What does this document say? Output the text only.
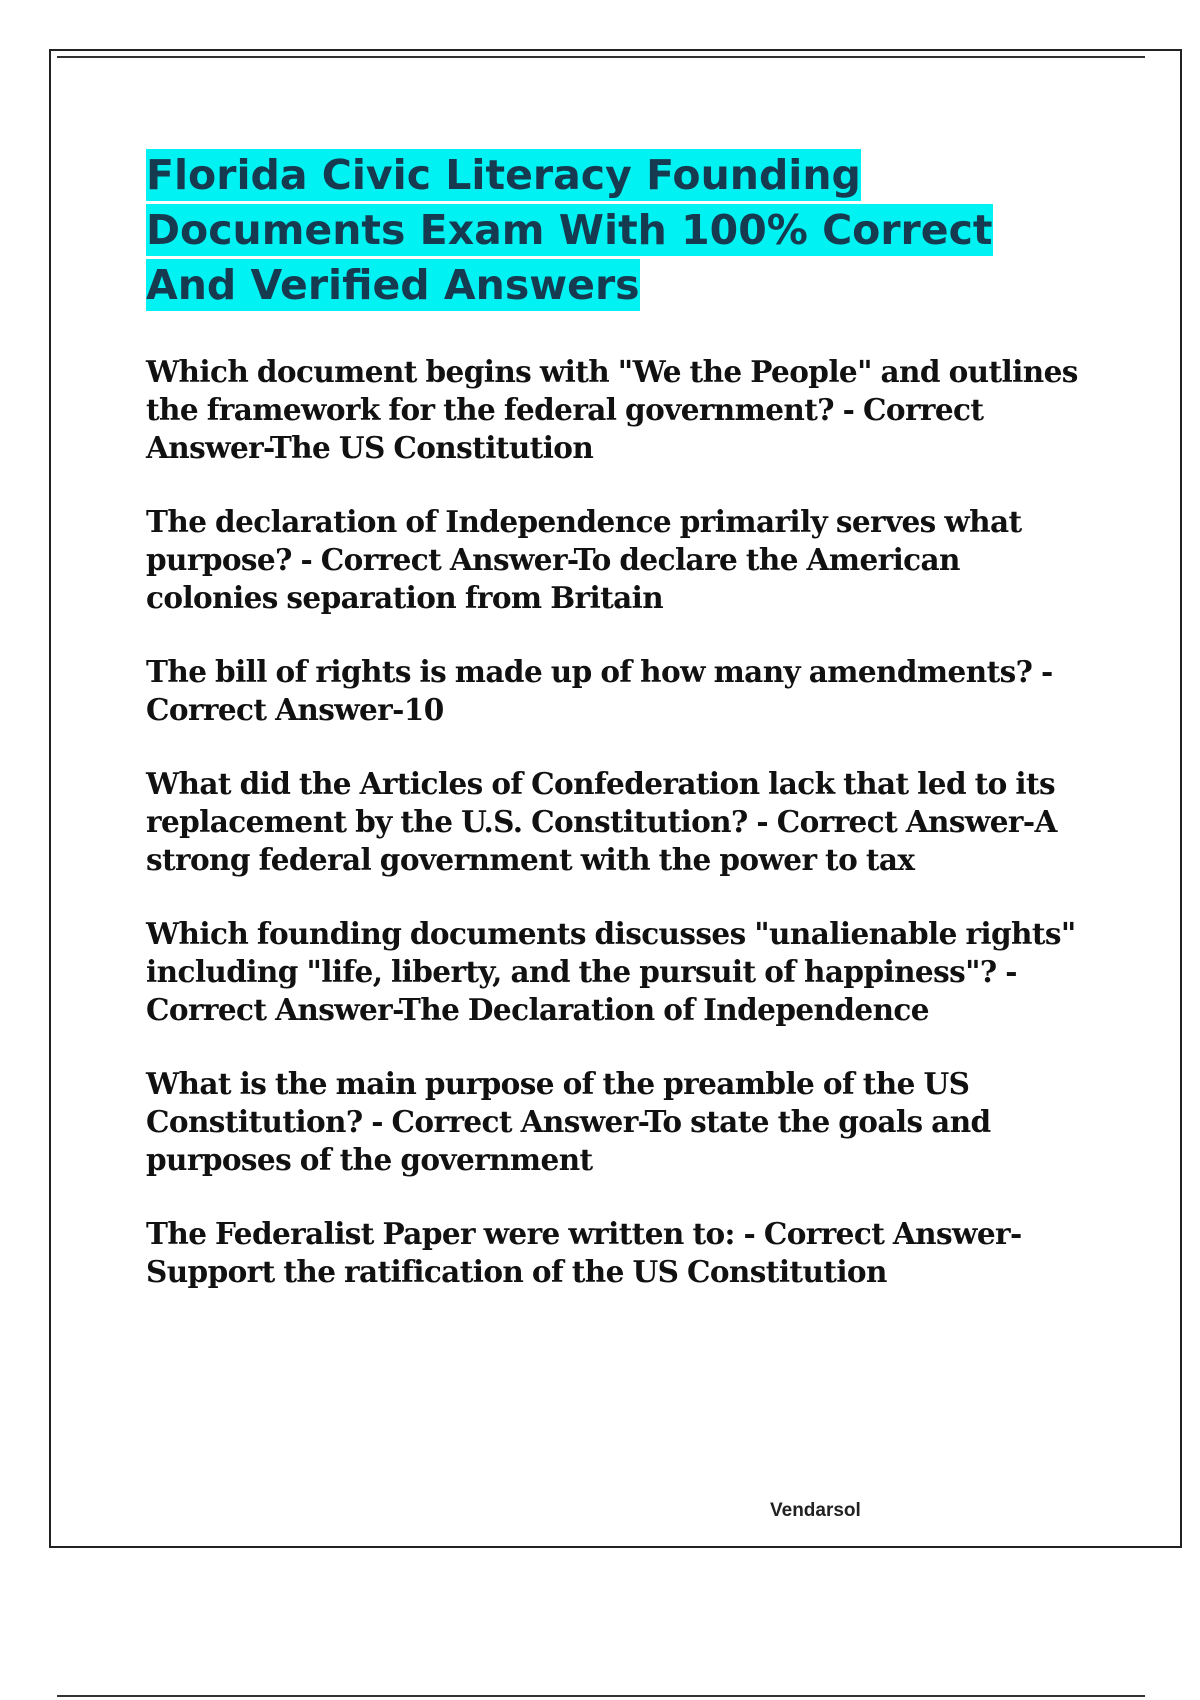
Florida Civic Literacy Founding Documents Exam With 100% Correct And Verified Answers
Which document begins with "We the People" and outlines the framework for the federal government? - Correct Answer-The US Constitution
The declaration of Independence primarily serves what purpose? - Correct Answer-To declare the American colonies separation from Britain
The bill of rights is made up of how many amendments? - Correct Answer-10
What did the Articles of Confederation lack that led to its replacement by the U.S. Constitution? - Correct Answer-A strong federal government with the power to tax
Which founding documents discusses "unalienable rights" including "life, liberty, and the pursuit of happiness"? - Correct Answer-The Declaration of Independence
What is the main purpose of the preamble of the US Constitution? - Correct Answer-To state the goals and purposes of the government
The Federalist Paper were written to: - Correct Answer-Support the ratification of the US Constitution
Vendarsol
